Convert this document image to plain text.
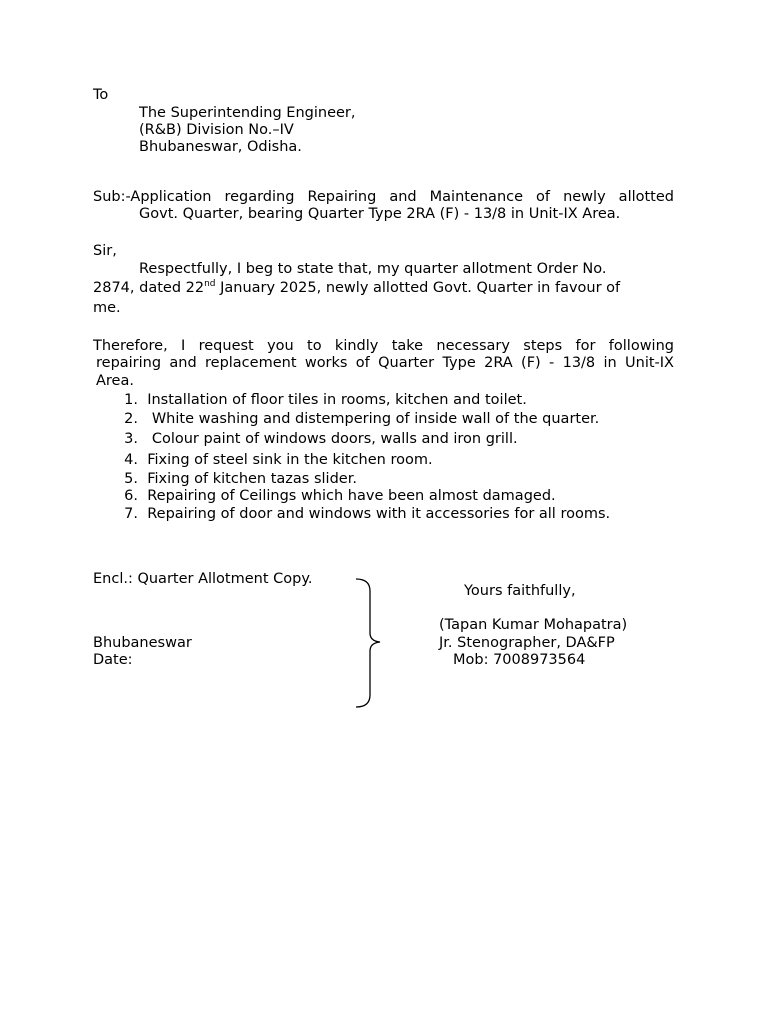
To
The Superintending Engineer,
(R&B) Division No.–IV
Bhubaneswar, Odisha.
Sub:-Application regarding Repairing and Maintenance of newly allotted
Govt. Quarter, bearing Quarter Type 2RA (F) - 13/8 in Unit-IX Area.
Sir,
Respectfully, I beg to state that, my quarter allotment Order No.
2874, dated 22nd January 2025, newly allotted Govt. Quarter in favour of
me.
Therefore, I request you to kindly take necessary steps for following
repairing and replacement works of Quarter Type 2RA (F) - 13/8 in Unit-IX
Area.
1. Installation of floor tiles in rooms, kitchen and toilet.
2.   White washing and distempering of inside wall of the quarter.
3.   Colour paint of windows doors, walls and iron grill.
4. Fixing of steel sink in the kitchen room.
5. Fixing of kitchen tazas slider.
6. Repairing of Ceilings which have been almost damaged.
7. Repairing of door and windows with it accessories for all rooms.
Encl.: Quarter Allotment Copy.
Bhubaneswar
Date:
Yours faithfully,
(Tapan Kumar Mohapatra)
Jr. Stenographer, DA&FP
Mob: 7008973564
